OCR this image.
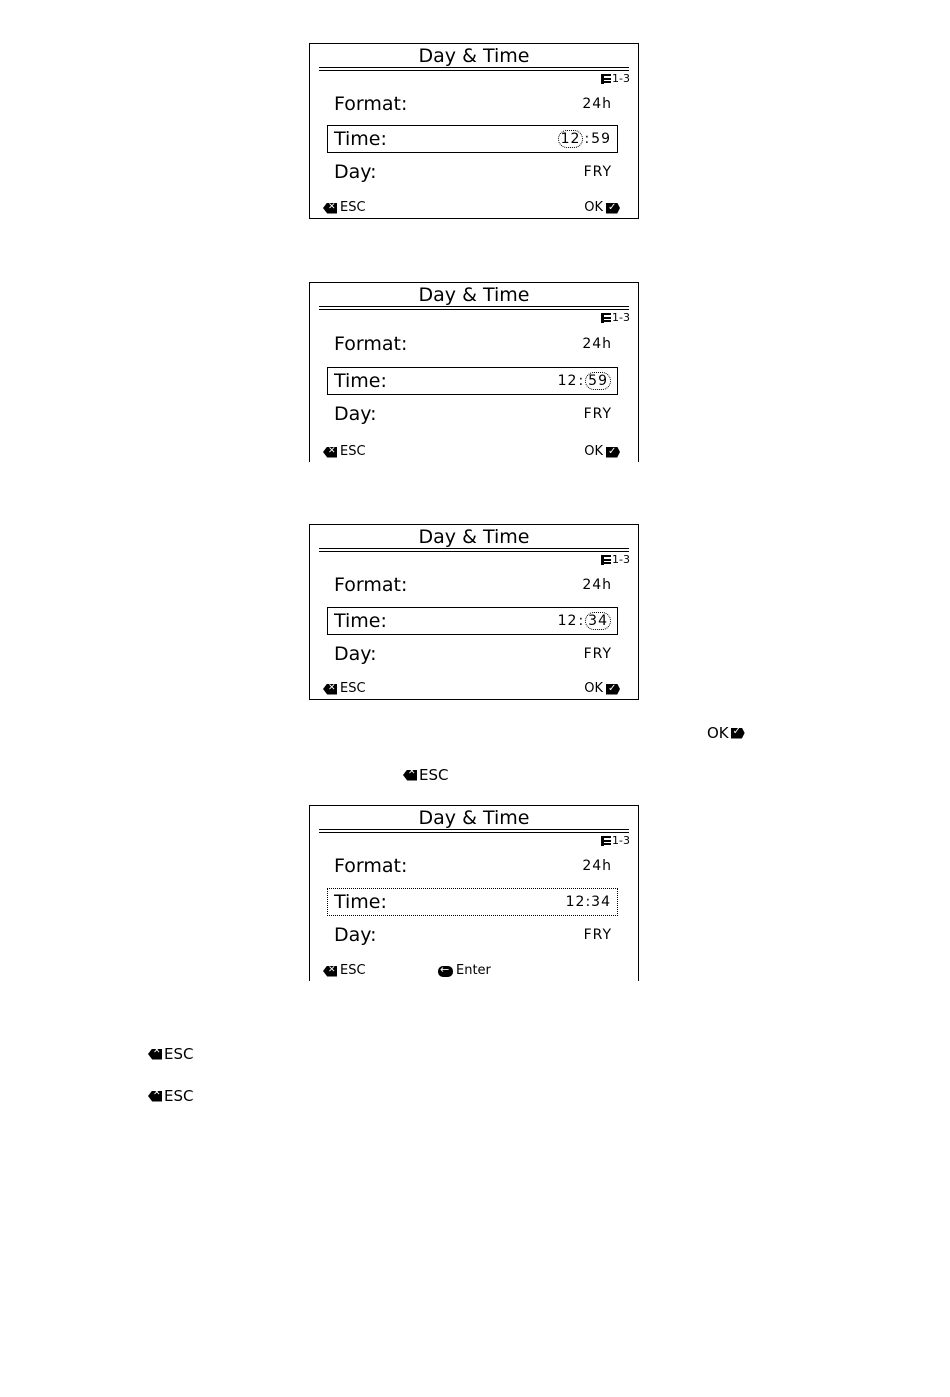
Day & Time
1-3
Format:	24h
Time:	12 :59
Day:	FRY
✕
ESC	OK
✓
Day & Time
1-3
Format:	24h
Time:	12: 59
Day:	FRY
✕
ESC	OK
✓
Day & Time
1-3
Format:	24h
Time:	12: 34
Day:	FRY
✕
ESC	OK
✓
OK
✓
✕
ESC
Day & Time
1-3
Format:	24h
Time:	12:34
Day:	FRY
✕
ESC
←	Enter
✕
ESC
✕
ESC
